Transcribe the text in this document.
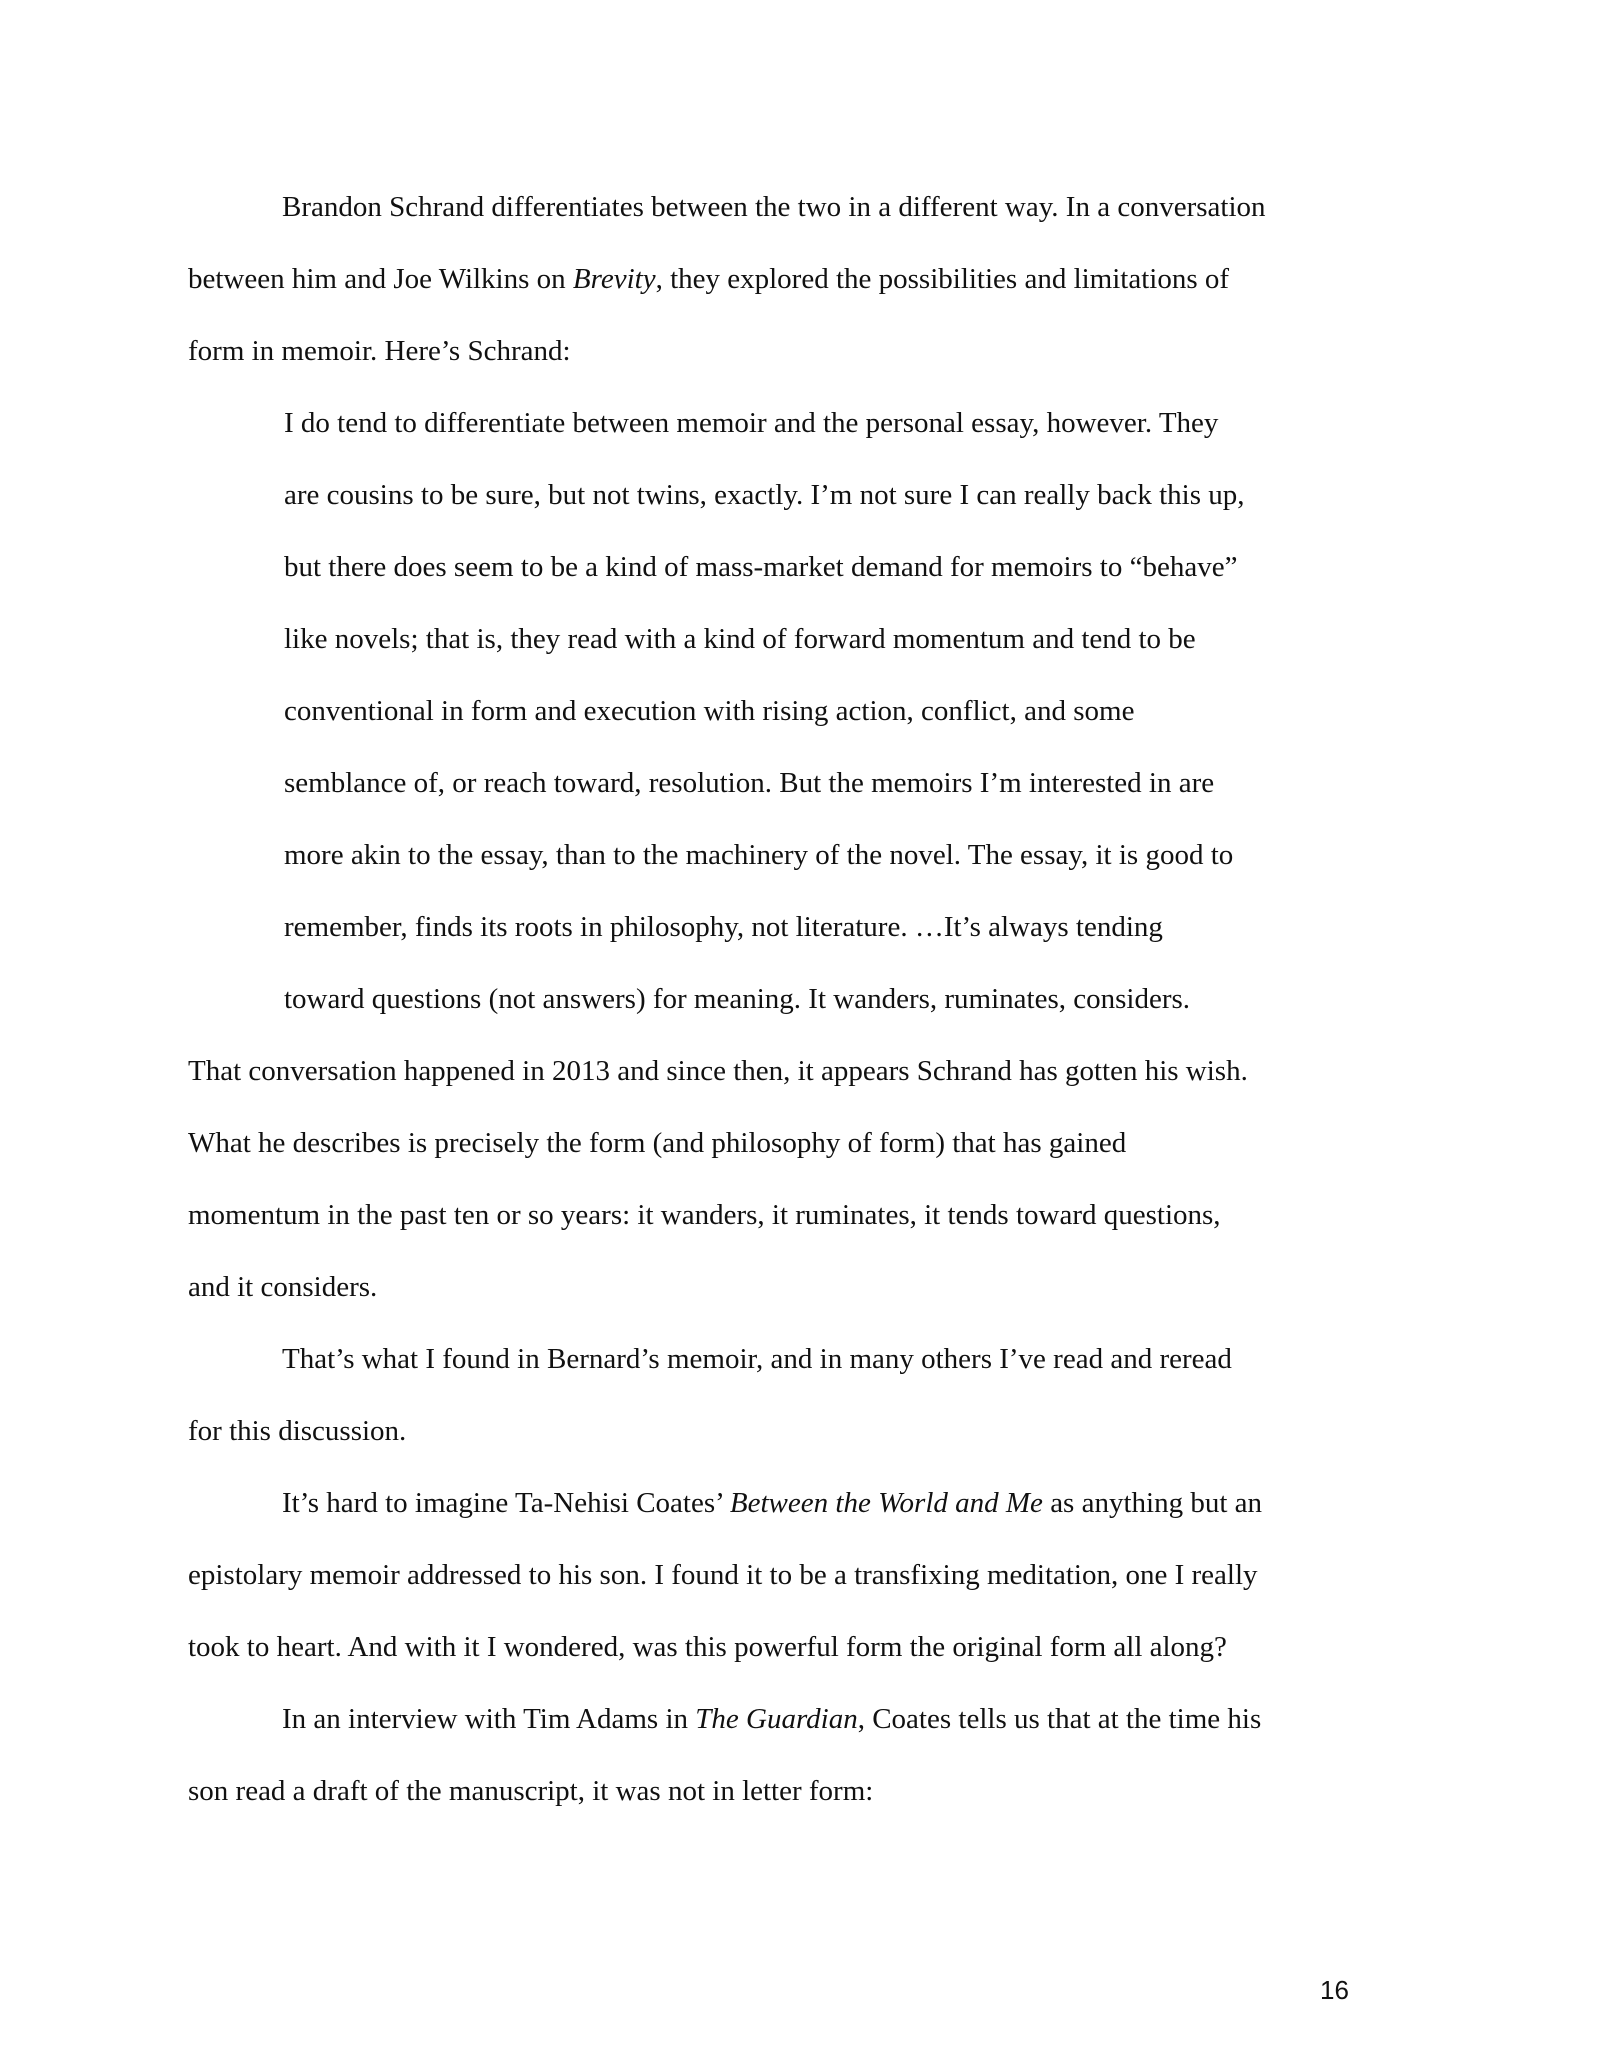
Brandon Schrand differentiates between the two in a different way. In a conversation
between him and Joe Wilkins on Brevity, they explored the possibilities and limitations of
form in memoir. Here’s Schrand:
I do tend to differentiate between memoir and the personal essay, however. They
are cousins to be sure, but not twins, exactly. I’m not sure I can really back this up,
but there does seem to be a kind of mass-market demand for memoirs to “behave”
like novels; that is, they read with a kind of forward momentum and tend to be
conventional in form and execution with rising action, conflict, and some
semblance of, or reach toward, resolution. But the memoirs I’m interested in are
more akin to the essay, than to the machinery of the novel. The essay, it is good to
remember, finds its roots in philosophy, not literature. …It’s always tending
toward questions (not answers) for meaning. It wanders, ruminates, considers.
That conversation happened in 2013 and since then, it appears Schrand has gotten his wish.
What he describes is precisely the form (and philosophy of form) that has gained
momentum in the past ten or so years: it wanders, it ruminates, it tends toward questions,
and it considers.
That’s what I found in Bernard’s memoir, and in many others I’ve read and reread
for this discussion.
It’s hard to imagine Ta-Nehisi Coates’ Between the World and Me as anything but an
epistolary memoir addressed to his son. I found it to be a transfixing meditation, one I really
took to heart. And with it I wondered, was this powerful form the original form all along?
In an interview with Tim Adams in The Guardian, Coates tells us that at the time his
son read a draft of the manuscript, it was not in letter form:
16
